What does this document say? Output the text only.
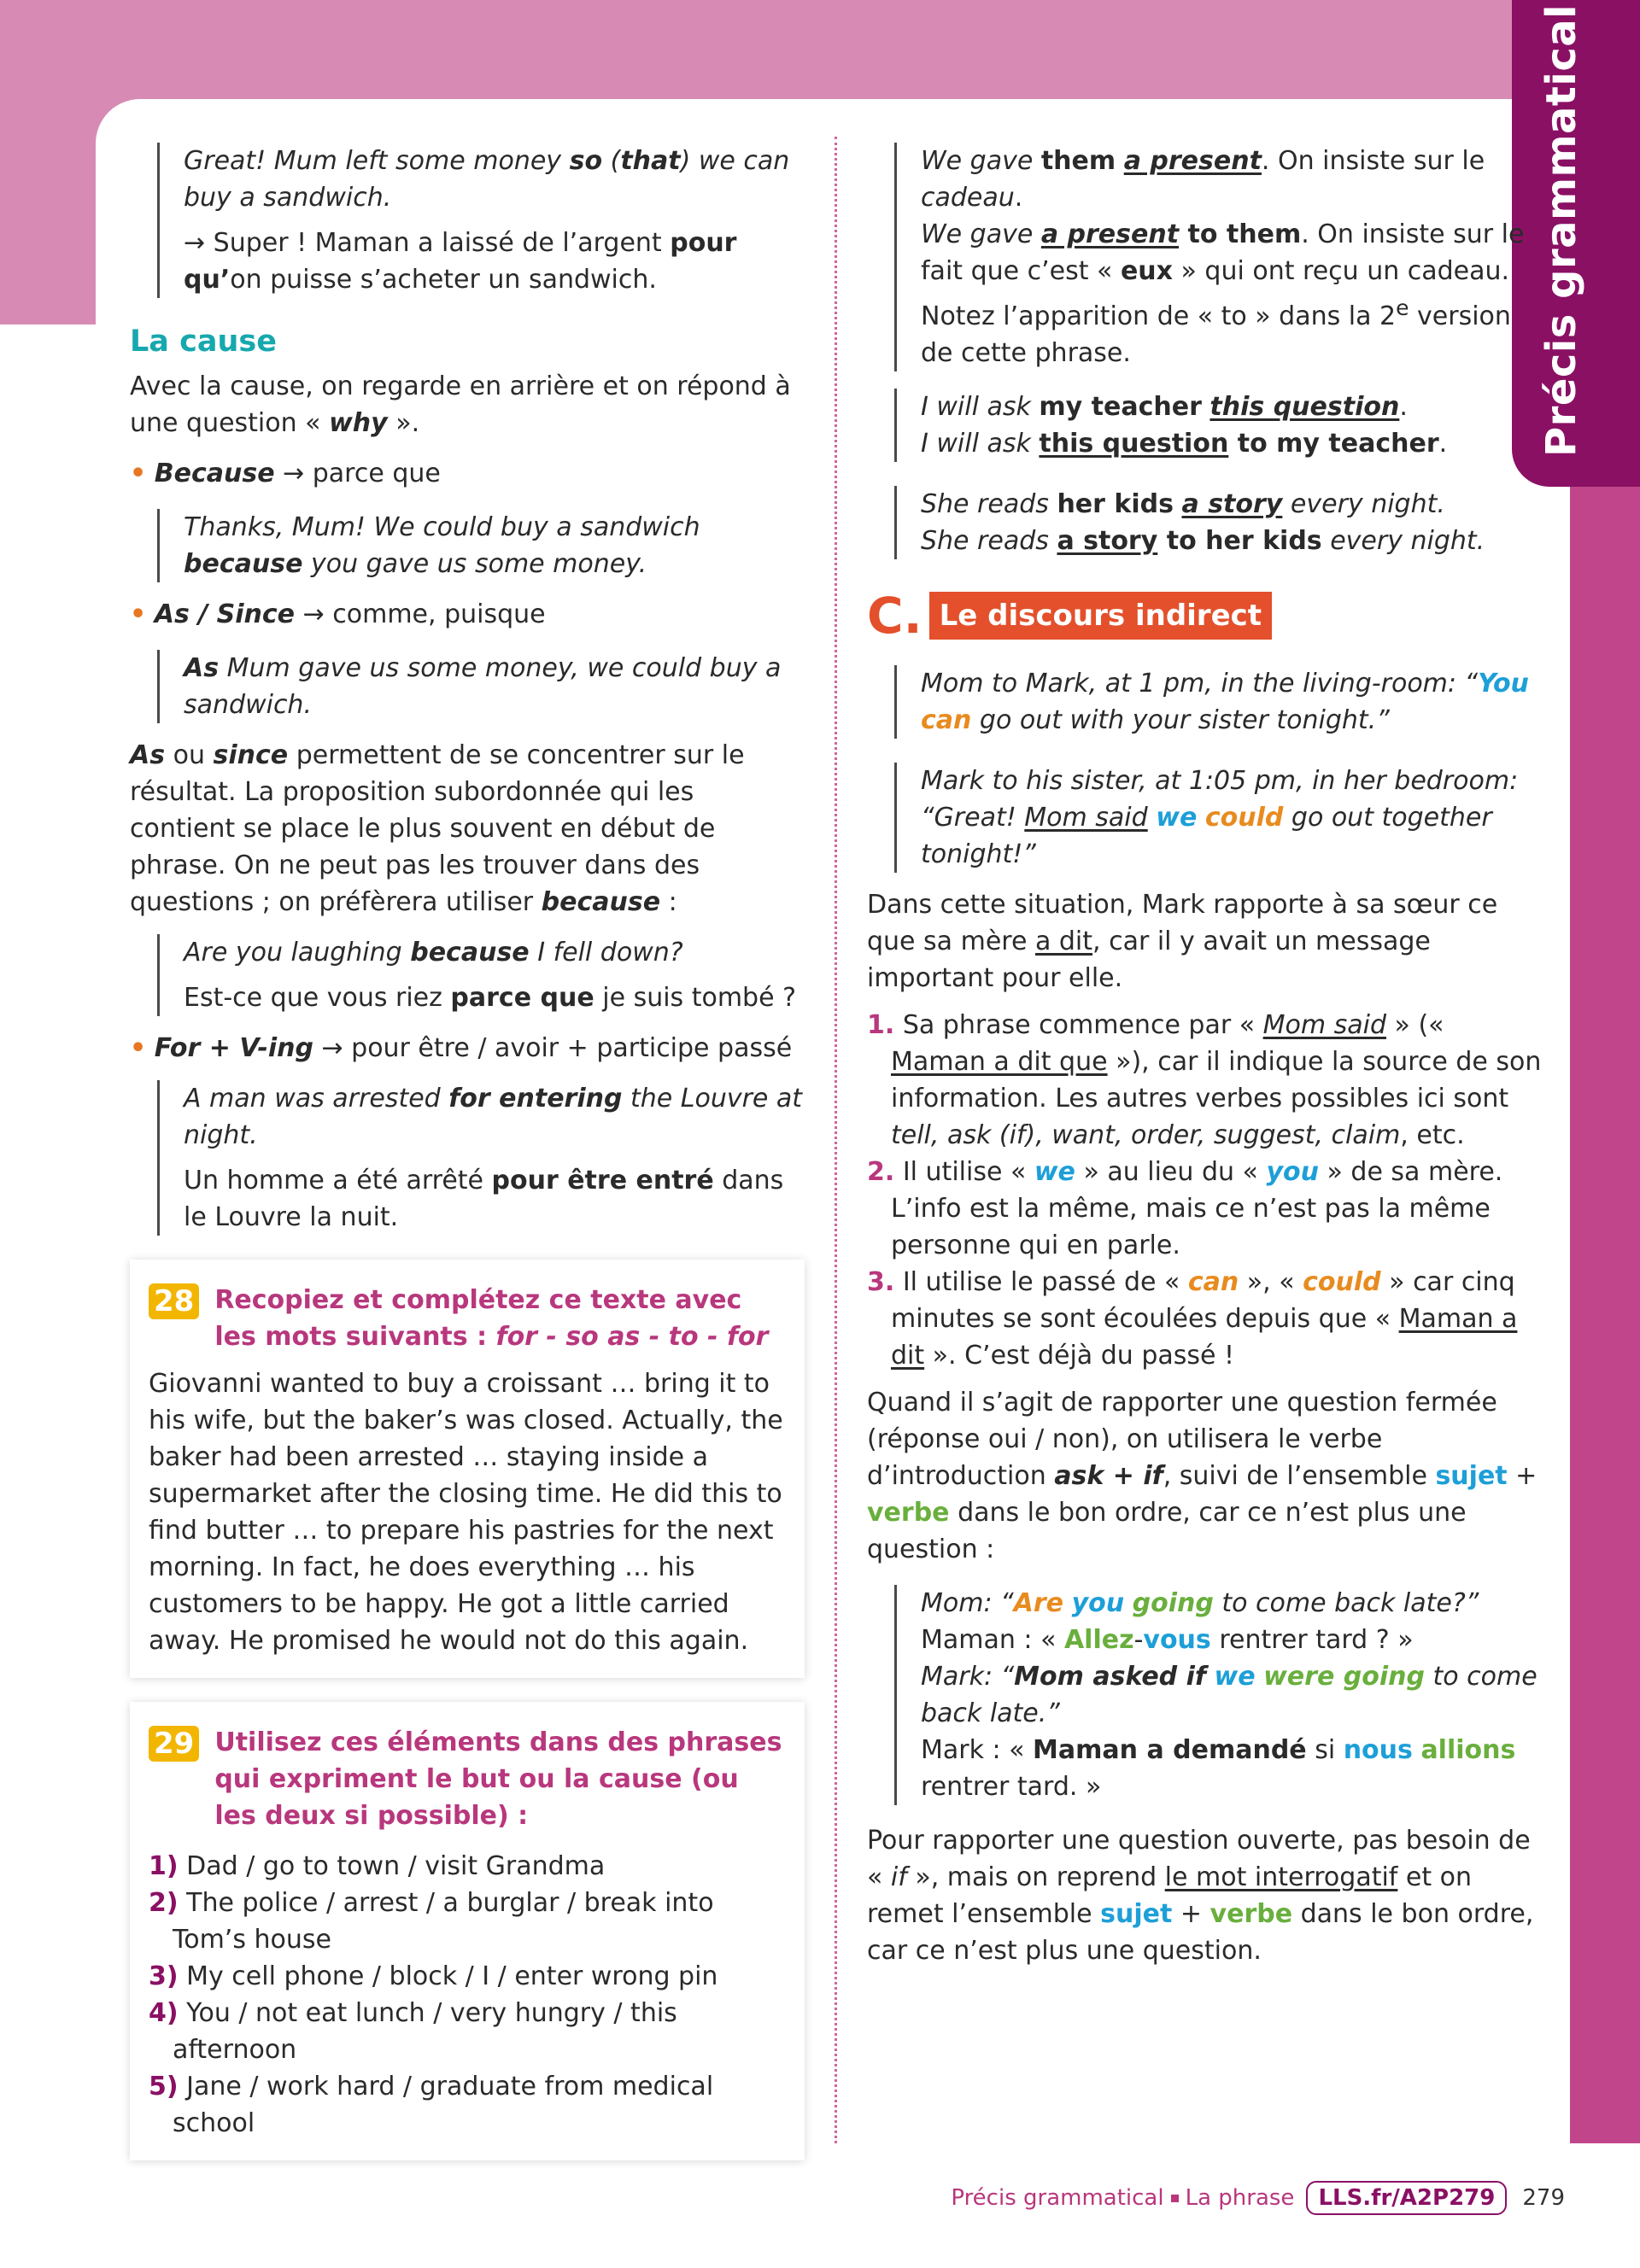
Précis grammatical

Great! Mum left some money so (that) we can buy a sandwich.

→ Super ! Maman a laissé de l’argent pour qu’on puisse s’acheter un sandwich.

La cause

Avec la cause, on regarde en arrière et on répond à une question « why ».

• Because → parce que

Thanks, Mum! We could buy a sandwich because you gave us some money.

• As / Since → comme, puisque

As Mum gave us some money, we could buy a sandwich.

As ou since permettent de se concentrer sur le résultat. La proposition subordonnée qui les contient se place le plus souvent en début de phrase. On ne peut pas les trouver dans des questions ; on préfèrera utiliser because :

Are you laughing because I fell down?

Est-ce que vous riez parce que je suis tombé ?

• For + V-ing → pour être / avoir + participe passé

A man was arrested for entering the Louvre at night.

Un homme a été arrêté pour être entré dans le Louvre la nuit.

28 Recopiez et complétez ce texte avec les mots suivants : for - so as - to - for

Giovanni wanted to buy a croissant … bring it to his wife, but the baker’s was closed. Actually, the baker had been arrested … staying inside a supermarket after the closing time. He did this to find butter … to prepare his pastries for the next morning. In fact, he does everything … his customers to be happy. He got a little carried away. He promised he would not do this again.

29 Utilisez ces éléments dans des phrases qui expriment le but ou la cause (ou les deux si possible) :

1) Dad / go to town / visit Grandma

2) The police / arrest / a burglar / break into Tom’s house

3) My cell phone / block / I / enter wrong pin

4) You / not eat lunch / very hungry / this afternoon

5) Jane / work hard / graduate from medical school

We gave them a present. On insiste sur le cadeau.
We gave a present to them. On insiste sur le fait que c’est « eux » qui ont reçu un cadeau. Notez l’apparition de « to » dans la 2e version de cette phrase.

I will ask my teacher this question.
I will ask this question to my teacher.

She reads her kids a story every night.
She reads a story to her kids every night.

C. Le discours indirect

Mom to Mark, at 1 pm, in the living-room: “You can go out with your sister tonight.”

Mark to his sister, at 1:05 pm, in her bedroom: “Great! Mom said we could go out together tonight!”

Dans cette situation, Mark rapporte à sa sœur ce que sa mère a dit, car il y avait un message important pour elle.

1. Sa phrase commence par « Mom said » (« Maman a dit que »), car il indique la source de son information. Les autres verbes possibles ici sont tell, ask (if), want, order, suggest, claim, etc.

2. Il utilise « we » au lieu du « you » de sa mère. L’info est la même, mais ce n’est pas la même personne qui en parle.

3. Il utilise le passé de « can », « could » car cinq minutes se sont écoulées depuis que « Maman a dit ». C’est déjà du passé !

Quand il s’agit de rapporter une question fermée (réponse oui / non), on utilisera le verbe d’introduction ask + if, suivi de l’ensemble sujet + verbe dans le bon ordre, car ce n’est plus une question :

Mom: “Are you going to come back late?”
Maman : « Allez-vous rentrer tard ? »
Mark: “Mom asked if we were going to come back late.”
Mark : « Maman a demandé si nous allions rentrer tard. »

Pour rapporter une question ouverte, pas besoin de « if », mais on reprend le mot interrogatif et on remet l’ensemble sujet + verbe dans le bon ordre, car ce n’est plus une question.

Précis grammatical La phrase	LLS.fr/A2P279	279
